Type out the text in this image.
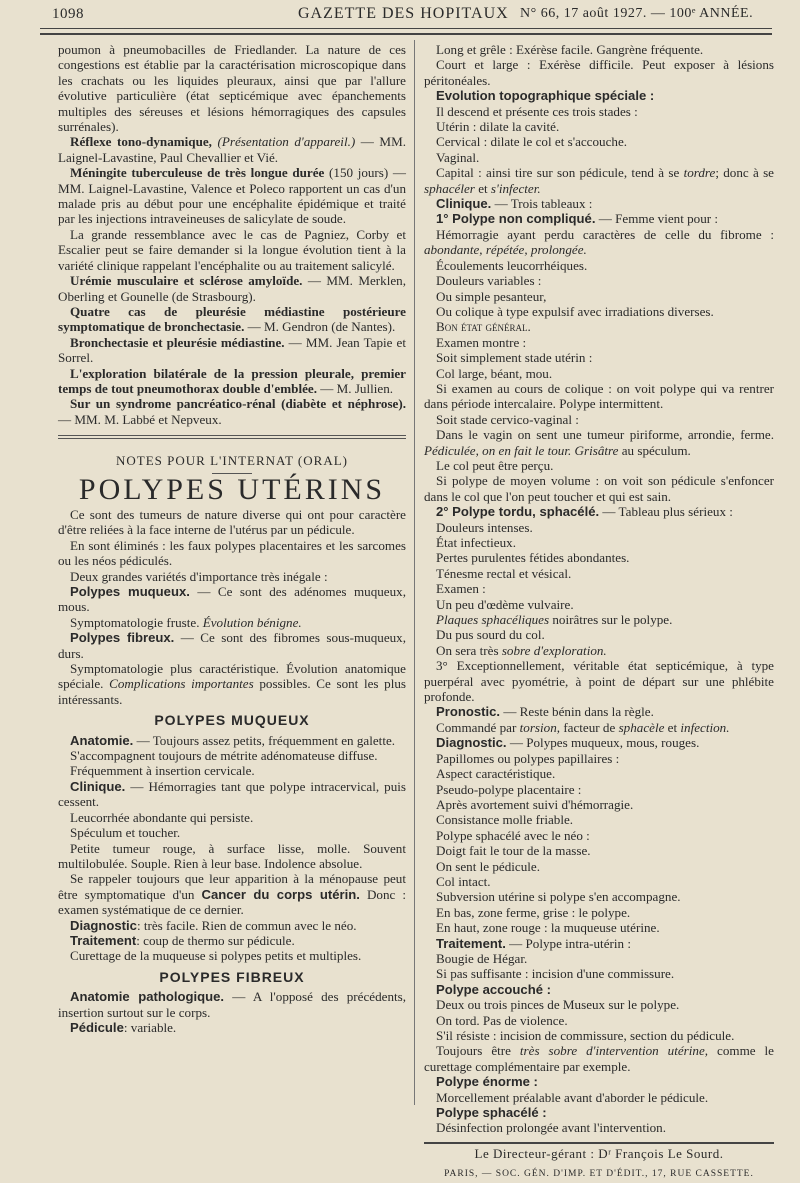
1098	GAZETTE DES HOPITAUX N° 66, 17 août 1927. — 100ᵉ ANNÉE.

poumon à pneumobacilles de Friedlander. La nature de ces congestions est établie par la caractérisation microscopique dans les crachats ou les liquides pleuraux, ainsi que par l'allure évolutive particulière (état septicémique avec épanchements multiples des séreuses et lésions hémorragiques des capsules surrénales).

Réflexe tono-dynamique, (Présentation d'appareil.) — MM. Laignel-Lavastine, Paul Chevallier et Vié.

Méningite tuberculeuse de très longue durée (150 jours) — MM. Laignel-Lavastine, Valence et Poleco rapportent un cas d'un malade pris au début pour une encéphalite épidémique et traité par les injections intraveineuses de salicylate de soude.

La grande ressemblance avec le cas de Pagniez, Corby et Escalier peut se faire demander si la longue évolution tient à la variété clinique rappelant l'encéphalite ou au traitement salicylé.

Urémie musculaire et sclérose amyloïde. — MM. Merklen, Oberling et Gounelle (de Strasbourg).

Quatre cas de pleurésie médiastine postérieure symptomatique de bronchectasie. — M. Gendron (de Nantes).

Bronchectasie et pleurésie médiastine. — MM. Jean Tapie et Sorrel.

L'exploration bilatérale de la pression pleurale, premier temps de tout pneumothorax double d'emblée. — M. Jullien.

Sur un syndrome pancréatico-rénal (diabète et néphrose). — MM. M. Labbé et Nepveux.

NOTES POUR L'INTERNAT (ORAL)
POLYPES UTÉRINS

Ce sont des tumeurs de nature diverse qui ont pour caractère d'être reliées à la face interne de l'utérus par un pédicule.

En sont éliminés : les faux polypes placentaires et les sarcomes ou les néos pédiculés.

Deux grandes variétés d'importance très inégale :

Polypes muqueux. — Ce sont des adénomes muqueux, mous.

Symptomatologie fruste. Évolution bénigne.

Polypes fibreux. — Ce sont des fibromes sous-muqueux, durs.

Symptomatologie plus caractéristique. Évolution anatomique spéciale. Complications importantes possibles. Ce sont les plus intéressants.

POLYPES MUQUEUX

Anatomie. — Toujours assez petits, fréquemment en galette.

S'accompagnent toujours de métrite adénomateuse diffuse.

Fréquemment à insertion cervicale.

Clinique. — Hémorragies tant que polype intracervical, puis cessent.

Leucorrhée abondante qui persiste.

Spéculum et toucher.

Petite tumeur rouge, à surface lisse, molle. Souvent multilobulée. Souple. Rien à leur base. Indolence absolue.

Se rappeler toujours que leur apparition à la ménopause peut être symptomatique d'un Cancer du corps utérin. Donc : examen systématique de ce dernier.

Diagnostic: très facile. Rien de commun avec le néo.

Traitement: coup de thermo sur pédicule.

Curettage de la muqueuse si polypes petits et multiples.

POLYPES FIBREUX

Anatomie pathologique. — A l'opposé des précédents, insertion surtout sur le corps.

Pédicule: variable.

Long et grêle : Exérèse facile. Gangrène fréquente.

Court et large : Exérèse difficile. Peut exposer à lésions péritonéales.

Evolution topographique spéciale :

Il descend et présente ces trois stades :

Utérin : dilate la cavité.

Cervical : dilate le col et s'accouche.

Vaginal.

Capital : ainsi tire sur son pédicule, tend à se tordre; donc à se sphacéler et s'infecter.

Clinique. — Trois tableaux :

1° Polype non compliqué. — Femme vient pour :

Hémorragie ayant perdu caractères de celle du fibrome : abondante, répétée, prolongée.

Écoulements leucorrhéiques.

Douleurs variables :

Ou simple pesanteur,

Ou colique à type expulsif avec irradiations diverses.

Bon état général.

Examen montre :

Soit simplement stade utérin :

Col large, béant, mou.

Si examen au cours de colique : on voit polype qui va rentrer dans période intercalaire. Polype intermittent.

Soit stade cervico-vaginal :

Dans le vagin on sent une tumeur piriforme, arrondie, ferme. Pédiculée, on en fait le tour. Grisâtre au spéculum.

Le col peut être perçu.

Si polype de moyen volume : on voit son pédicule s'enfoncer dans le col que l'on peut toucher et qui est sain.

2° Polype tordu, sphacélé. — Tableau plus sérieux :

Douleurs intenses.

État infectieux.

Pertes purulentes fétides abondantes.

Ténesme rectal et vésical.

Examen :

Un peu d'œdème vulvaire.

Plaques sphacéliques noirâtres sur le polype.

Du pus sourd du col.

On sera très sobre d'exploration.

3° Exceptionnellement, véritable état septicémique, à type puerpéral avec pyométrie, à point de départ sur une phlébite profonde.

Pronostic. — Reste bénin dans la règle.

Commandé par torsion, facteur de sphacèle et infection.

Diagnostic. — Polypes muqueux, mous, rouges.

Papillomes ou polypes papillaires :

Aspect caractéristique.

Pseudo-polype placentaire :

Après avortement suivi d'hémorragie.

Consistance molle friable.

Polype sphacélé avec le néo :

Doigt fait le tour de la masse.

On sent le pédicule.

Col intact.

Subversion utérine si polype s'en accompagne.

En bas, zone ferme, grise : le polype.

En haut, zone rouge : la muqueuse utérine.

Traitement. — Polype intra-utérin :

Bougie de Hégar.

Si pas suffisante : incision d'une commissure.

Polype accouché :

Deux ou trois pinces de Museux sur le polype.

On tord. Pas de violence.

S'il résiste : incision de commissure, section du pédicule.

Toujours être très sobre d'intervention utérine, comme le curettage complémentaire par exemple.

Polype énorme :

Morcellement préalable avant d'aborder le pédicule.

Polype sphacélé :

Désinfection prolongée avant l'intervention.

Le Directeur-gérant : Dʳ François Le Sourd.
PARIS, — SOC. GÉN. D'IMP. ET D'ÉDIT., 17, RUE CASSETTE.
